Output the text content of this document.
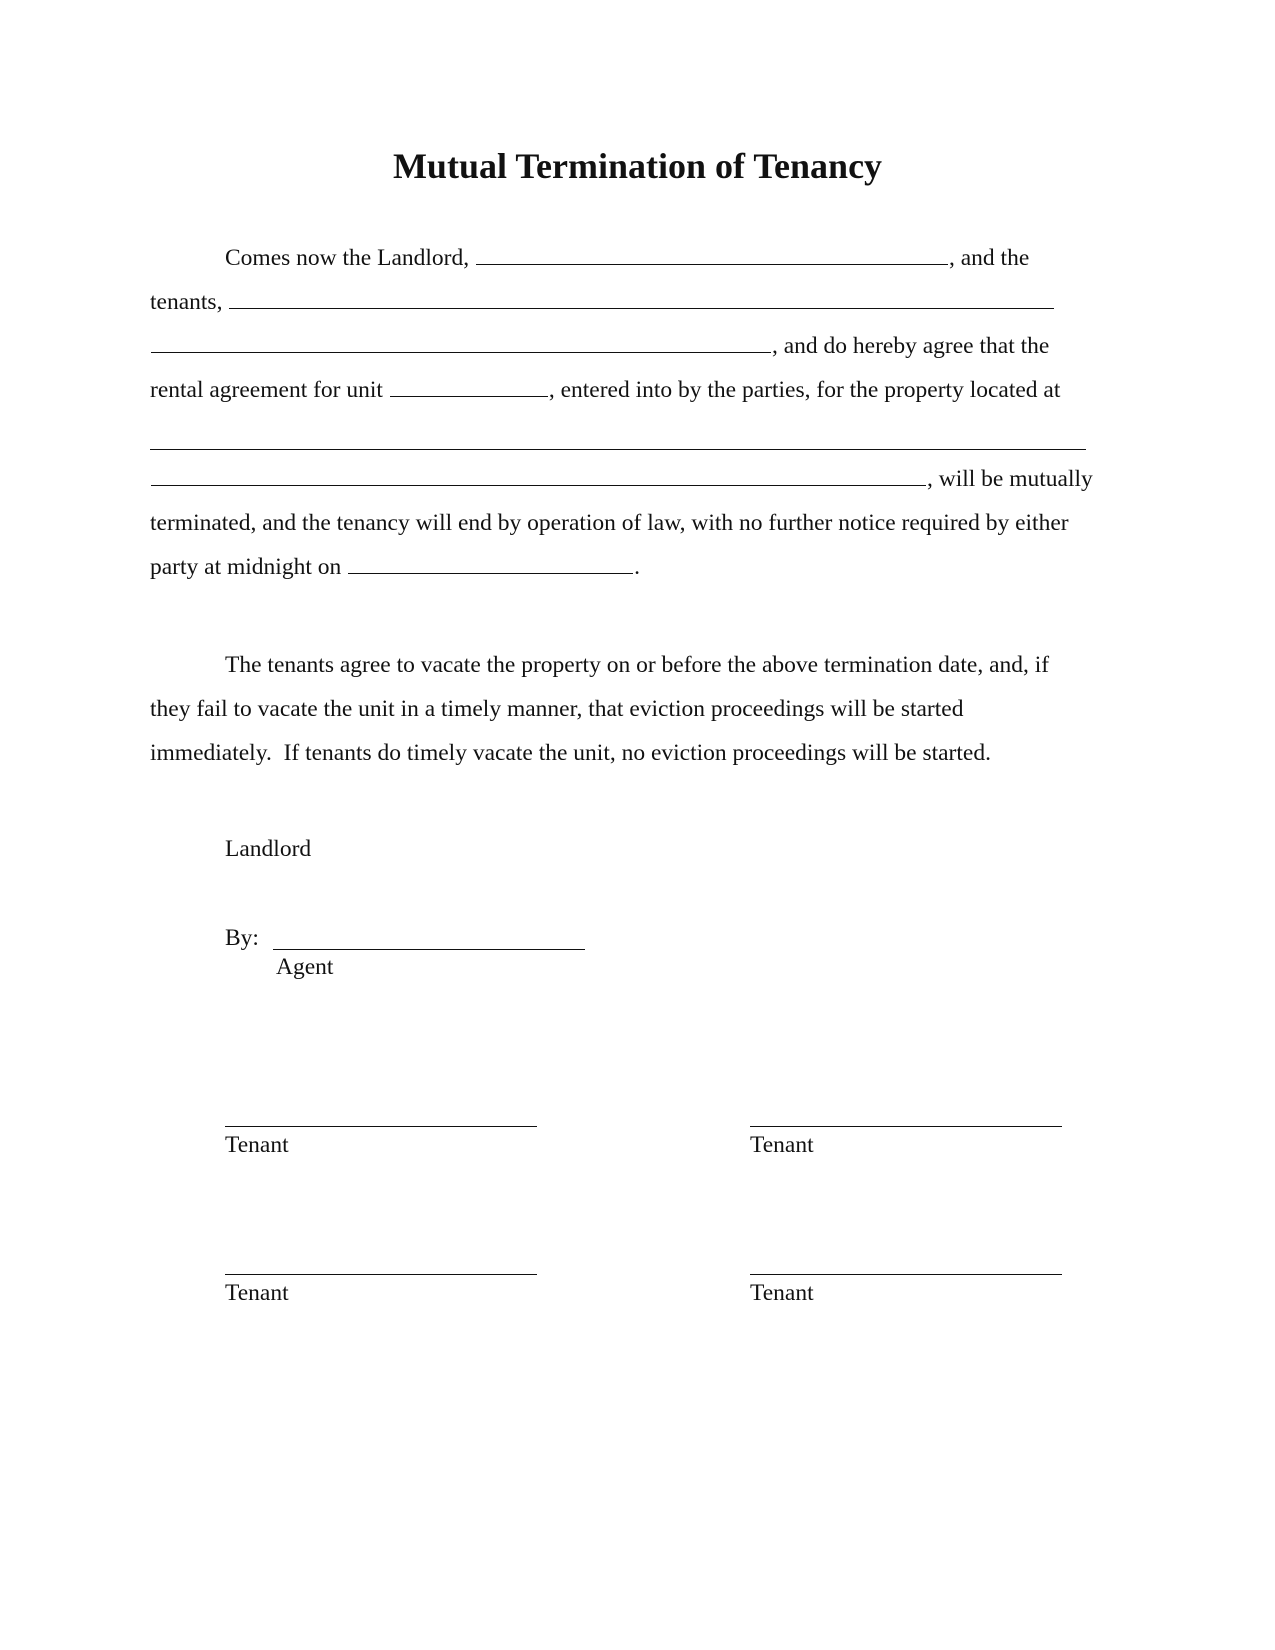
Mutual Termination of Tenancy
Comes now the Landlord,	, and the
tenants,
, and do hereby agree that the
rental agreement for unit	, entered into by the parties, for the property located at
, will be mutually
terminated, and the tenancy will end by operation of law, with no further notice required by either
party at midnight on	.
The tenants agree to vacate the property on or before the above termination date, and, if
they fail to vacate the unit in a timely manner, that eviction proceedings will be started
immediately.  If tenants do timely vacate the unit, no eviction proceedings will be started.
Landlord
By:
Agent
Tenant	Tenant
Tenant	Tenant
